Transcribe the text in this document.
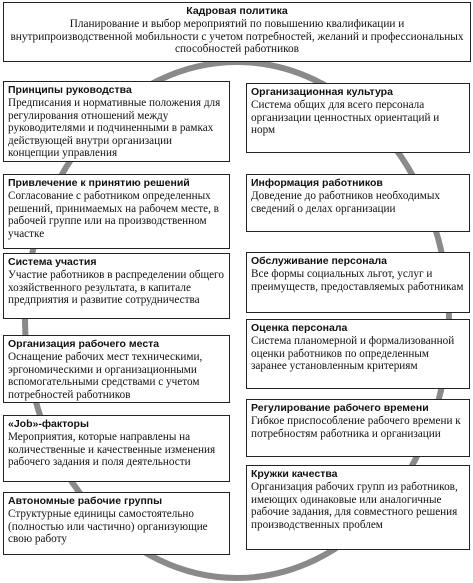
Кадровая политика
Планирование и выбор мероприятий по повышению квалификации и внутрипроизводственной мобильности с учетом потребностей, желаний и профессиональных способностей работников
Принципы руководства
Предписания и нормативные положения для регулирования отношений между руководителями и подчиненными в рамках действующей внутри организации концепции управления
Привлечение к принятию решений
Согласование с работником определенных решений, принимаемых на рабочем месте, в рабочей группе или на производственном участке
Система участия
Участие работников в распределении общего хозяйственного результата, в капитале предприятия и развитие сотрудничества
Организация рабочего места
Оснащение рабочих мест техническими, эргономическими и организационными вспомогательными средствами с учетом потребностей работников
«Job»-факторы
Мероприятия, которые направлены на количественные и качественные изменения рабочего задания и поля деятельности
Автономные рабочие группы
Структурные единицы самостоятельно (полностью или частично) организующие свою работу
Организационная культура
Система общих для всего персонала организации ценностных ориентаций и норм
Информация работников
Доведение до работников необходимых сведений о делах организации
Обслуживание персонала
Все формы социальных льгот, услуг и преимуществ, предоставляемых работникам
Оценка персонала
Система планомерной и формализованной оценки работников по определенным заранее установленным критериям
Регулирование рабочего времени
Гибкое приспособление рабочего времени к потребностям работника и организации
Кружки качества
Организация рабочих групп из работников, имеющих одинаковые или аналогичные рабочие задания, для совместного решения производственных проблем
